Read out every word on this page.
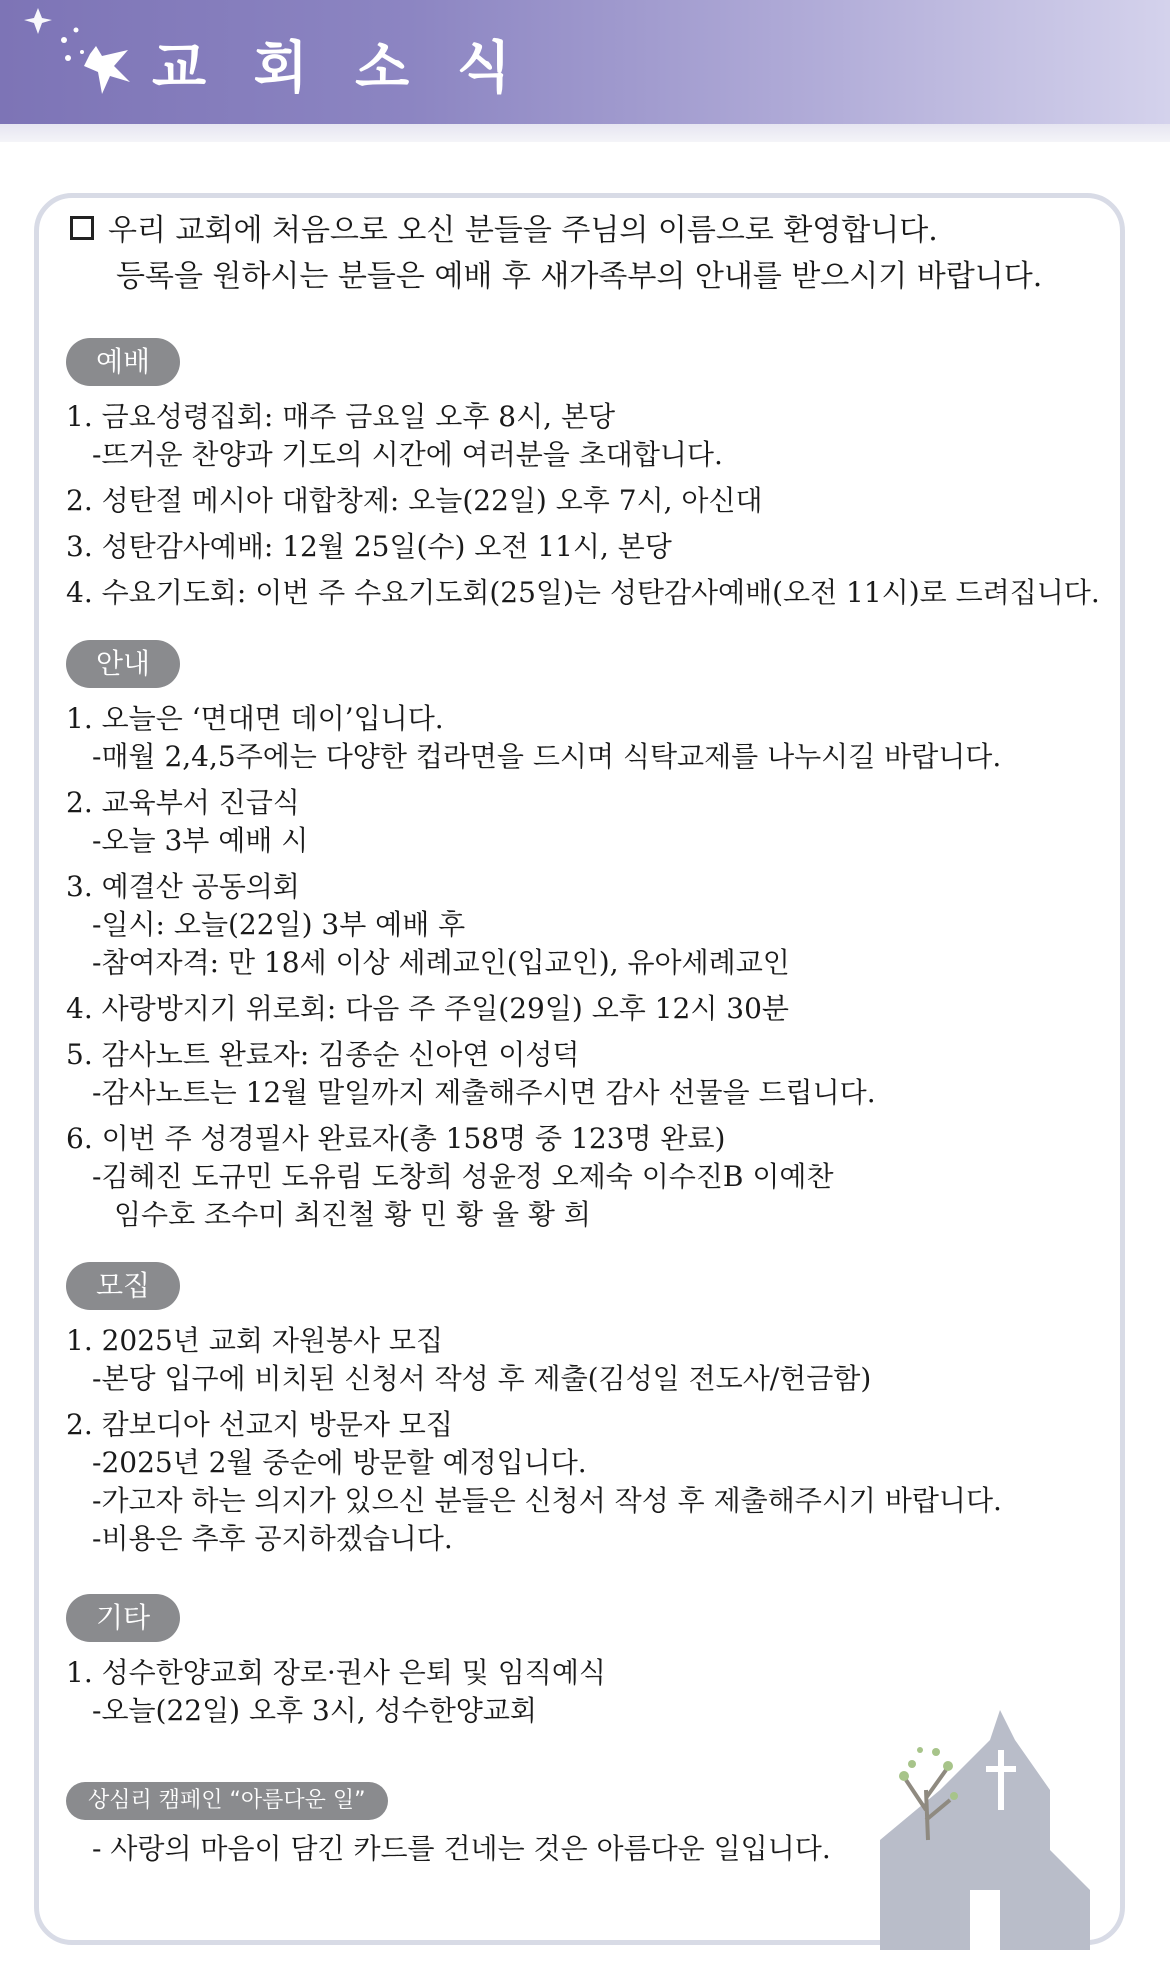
교 회 소 식
우리 교회에 처음으로 오신 분들을 주님의 이름으로 환영합니다.
등록을 원하시는 분들은 예배 후 새가족부의 안내를 받으시기 바랍니다.
예배
1. 금요성령집회: 매주 금요일 오후 8시, 본당
-뜨거운 찬양과 기도의 시간에 여러분을 초대합니다.
2. 성탄절 메시아 대합창제: 오늘(22일) 오후 7시, 아신대
3. 성탄감사예배: 12월 25일(수) 오전 11시, 본당
4. 수요기도회: 이번 주 수요기도회(25일)는 성탄감사예배(오전 11시)로 드려집니다.
안내
1. 오늘은 ‘면대면 데이’입니다.
-매월 2,4,5주에는 다양한 컵라면을 드시며 식탁교제를 나누시길 바랍니다.
2. 교육부서 진급식
-오늘 3부 예배 시
3. 예결산 공동의회
-일시: 오늘(22일) 3부 예배 후
-참여자격: 만 18세 이상 세례교인(입교인), 유아세례교인
4. 사랑방지기 위로회: 다음 주 주일(29일) 오후 12시 30분
5. 감사노트 완료자: 김종순 신아연 이성덕
-감사노트는 12월 말일까지 제출해주시면 감사 선물을 드립니다.
6. 이번 주 성경필사 완료자(총 158명 중 123명 완료)
-김혜진 도규민 도유림 도창희 성윤정 오제숙 이수진B 이예찬
임수호 조수미 최진철 황 민 황 율 황 희
모집
1. 2025년 교회 자원봉사 모집
-본당 입구에 비치된 신청서 작성 후 제출(김성일 전도사/헌금함)
2. 캄보디아 선교지 방문자 모집
-2025년 2월 중순에 방문할 예정입니다.
-가고자 하는 의지가 있으신 분들은 신청서 작성 후 제출해주시기 바랍니다.
-비용은 추후 공지하겠습니다.
기타
1. 성수한양교회 장로·권사 은퇴 및 임직예식
-오늘(22일) 오후 3시, 성수한양교회
상심리 캠페인 “아름다운 일”
- 사랑의 마음이 담긴 카드를 건네는 것은 아름다운 일입니다.
